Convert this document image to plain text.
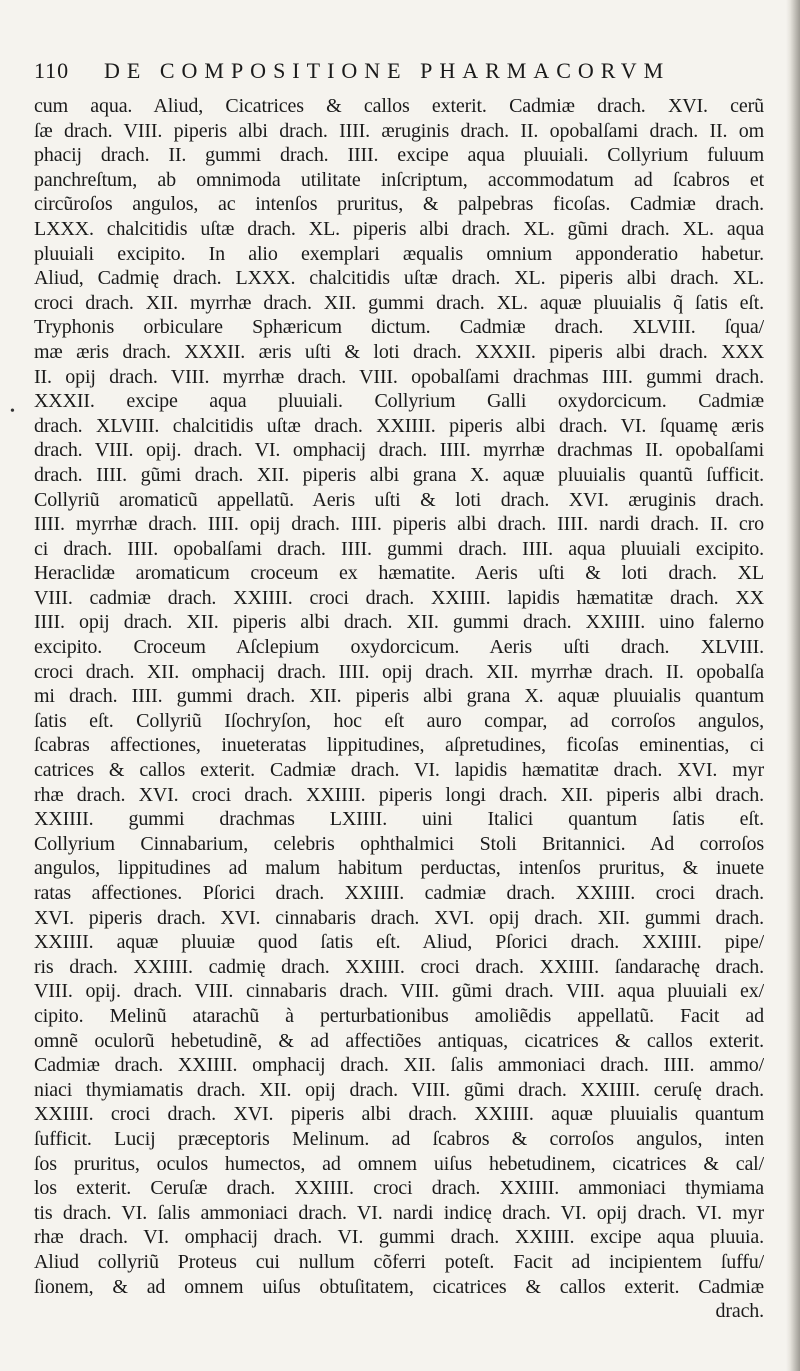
•
110	DE COMPOSITIONE PHARMACORVM
cum aqua. Aliud, Cicatrices & callos exterit. Cadmiæ drach. XVI. cerũ
ſæ drach. VIII. piperis albi drach. IIII. æruginis drach. II. opobalſami drach. II. om
phacij drach. II. gummi drach. IIII. excipe aqua pluuiali. Collyrium fuluum
panchreſtum, ab omnimoda utilitate inſcriptum, accommodatum ad ſcabros et
circũroſos angulos, ac intenſos pruritus, & palpebras ficoſas. Cadmiæ drach.
LXXX. chalcitidis uſtæ drach. XL. piperis albi drach. XL. gũmi drach. XL. aqua
pluuiali excipito. In alio exemplari æqualis omnium apponderatio habetur.
Aliud, Cadmię drach. LXXX. chalcitidis uſtæ drach. XL. piperis albi drach. XL.
croci drach. XII. myrrhæ drach. XII. gummi drach. XL. aquæ pluuialis q̃ ſatis eſt.
Tryphonis orbiculare Sphæricum dictum. Cadmiæ drach. XLVIII. ſqua/
mæ æris drach. XXXII. æris uſti & loti drach. XXXII. piperis albi drach. XXX
II. opij drach. VIII. myrrhæ drach. VIII. opobalſami drachmas IIII. gummi drach.
XXXII. excipe aqua pluuiali. Collyrium Galli oxydorcicum. Cadmiæ
drach. XLVIII. chalcitidis uſtæ drach. XXIIII. piperis albi drach. VI. ſquamę æris
drach. VIII. opij. drach. VI. omphacij drach. IIII. myrrhæ drachmas II. opobalſami
drach. IIII. gũmi drach. XII. piperis albi grana X. aquæ pluuialis quantũ ſufficit.
Collyriũ aromaticũ appellatũ. Aeris uſti & loti drach. XVI. æruginis drach.
IIII. myrrhæ drach. IIII. opij drach. IIII. piperis albi drach. IIII. nardi drach. II. cro
ci drach. IIII. opobalſami drach. IIII. gummi drach. IIII. aqua pluuiali excipito.
Heraclidæ aromaticum croceum ex hæmatite. Aeris uſti & loti drach. XL
VIII. cadmiæ drach. XXIIII. croci drach. XXIIII. lapidis hæmatitæ drach. XX
IIII. opij drach. XII. piperis albi drach. XII. gummi drach. XXIIII. uino falerno
excipito. Croceum Aſclepium oxydorcicum. Aeris uſti drach. XLVIII.
croci drach. XII. omphacij drach. IIII. opij drach. XII. myrrhæ drach. II. opobalſa
mi drach. IIII. gummi drach. XII. piperis albi grana X. aquæ pluuialis quantum
ſatis eſt. Collyriũ Iſochryſon, hoc eſt auro compar, ad corroſos angulos,
ſcabras affectiones, inueteratas lippitudines, aſpretudines, ficoſas eminentias, ci
catrices & callos exterit. Cadmiæ drach. VI. lapidis hæmatitæ drach. XVI. myr
rhæ drach. XVI. croci drach. XXIIII. piperis longi drach. XII. piperis albi drach.
XXIIII. gummi drachmas LXIIII. uini Italici quantum ſatis eſt.
Collyrium Cinnabarium, celebris ophthalmici Stoli Britannici. Ad corroſos
angulos, lippitudines ad malum habitum perductas, intenſos pruritus, & inuete
ratas affectiones. Pſorici drach. XXIIII. cadmiæ drach. XXIIII. croci drach.
XVI. piperis drach. XVI. cinnabaris drach. XVI. opij drach. XII. gummi drach.
XXIIII. aquæ pluuiæ quod ſatis eſt. Aliud, Pſorici drach. XXIIII. pipe/
ris drach. XXIIII. cadmię drach. XXIIII. croci drach. XXIIII. ſandarachę drach.
VIII. opij. drach. VIII. cinnabaris drach. VIII. gũmi drach. VIII. aqua pluuiali ex/
cipito. Melinũ atarachũ à perturbationibus amoliẽdis appellatũ. Facit ad
omnẽ oculorũ hebetudinẽ, & ad affectiões antiquas, cicatrices & callos exterit.
Cadmiæ drach. XXIIII. omphacij drach. XII. ſalis ammoniaci drach. IIII. ammo/
niaci thymiamatis drach. XII. opij drach. VIII. gũmi drach. XXIIII. ceruſę drach.
XXIIII. croci drach. XVI. piperis albi drach. XXIIII. aquæ pluuialis quantum
ſufficit. Lucij præceptoris Melinum. ad ſcabros & corroſos angulos, inten
ſos pruritus, oculos humectos, ad omnem uiſus hebetudinem, cicatrices & cal/
los exterit. Ceruſæ drach. XXIIII. croci drach. XXIIII. ammoniaci thymiama
tis drach. VI. ſalis ammoniaci drach. VI. nardi indicę drach. VI. opij drach. VI. myr
rhæ drach. VI. omphacij drach. VI. gummi drach. XXIIII. excipe aqua pluuia.
Aliud collyriũ Proteus cui nullum cõferri poteſt. Facit ad incipientem ſuffu/
ſionem, & ad omnem uiſus obtuſitatem, cicatrices & callos exterit. Cadmiæ
drach.
